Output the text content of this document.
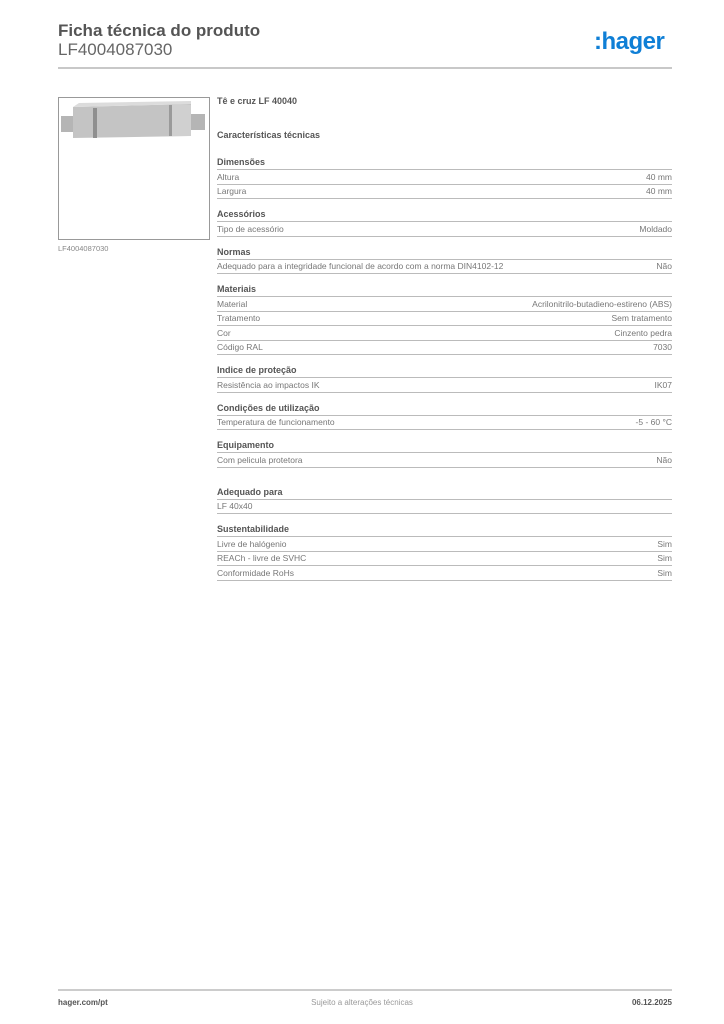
Ficha técnica do produto
LF4004087030	:hager
LF4004087030
Tê e cruz LF 40040
Características técnicas
Dimensões
Altura	40 mm
Largura	40 mm
Acessórios
Tipo de acessório	Moldado
Normas
Adequado para a integridade funcional de acordo com a norma DIN4102-12	Não
Materiais
Material	Acrilonitrilo-butadieno-estireno (ABS)
Tratamento	Sem tratamento
Cor	Cinzento pedra
Código RAL	7030
Indice de proteção
Resistência ao impactos IK	IK07
Condições de utilização
Temperatura de funcionamento	-5 - 60 °C
Equipamento
Com pelicula protetora	Não
Adequado para
LF 40x40
Sustentabilidade
Livre de halógenio	Sim
REACh - livre de SVHC	Sim
Conformidade RoHs	Sim
hager.com/pt	Sujeito a alterações técnicas	06.12.2025
